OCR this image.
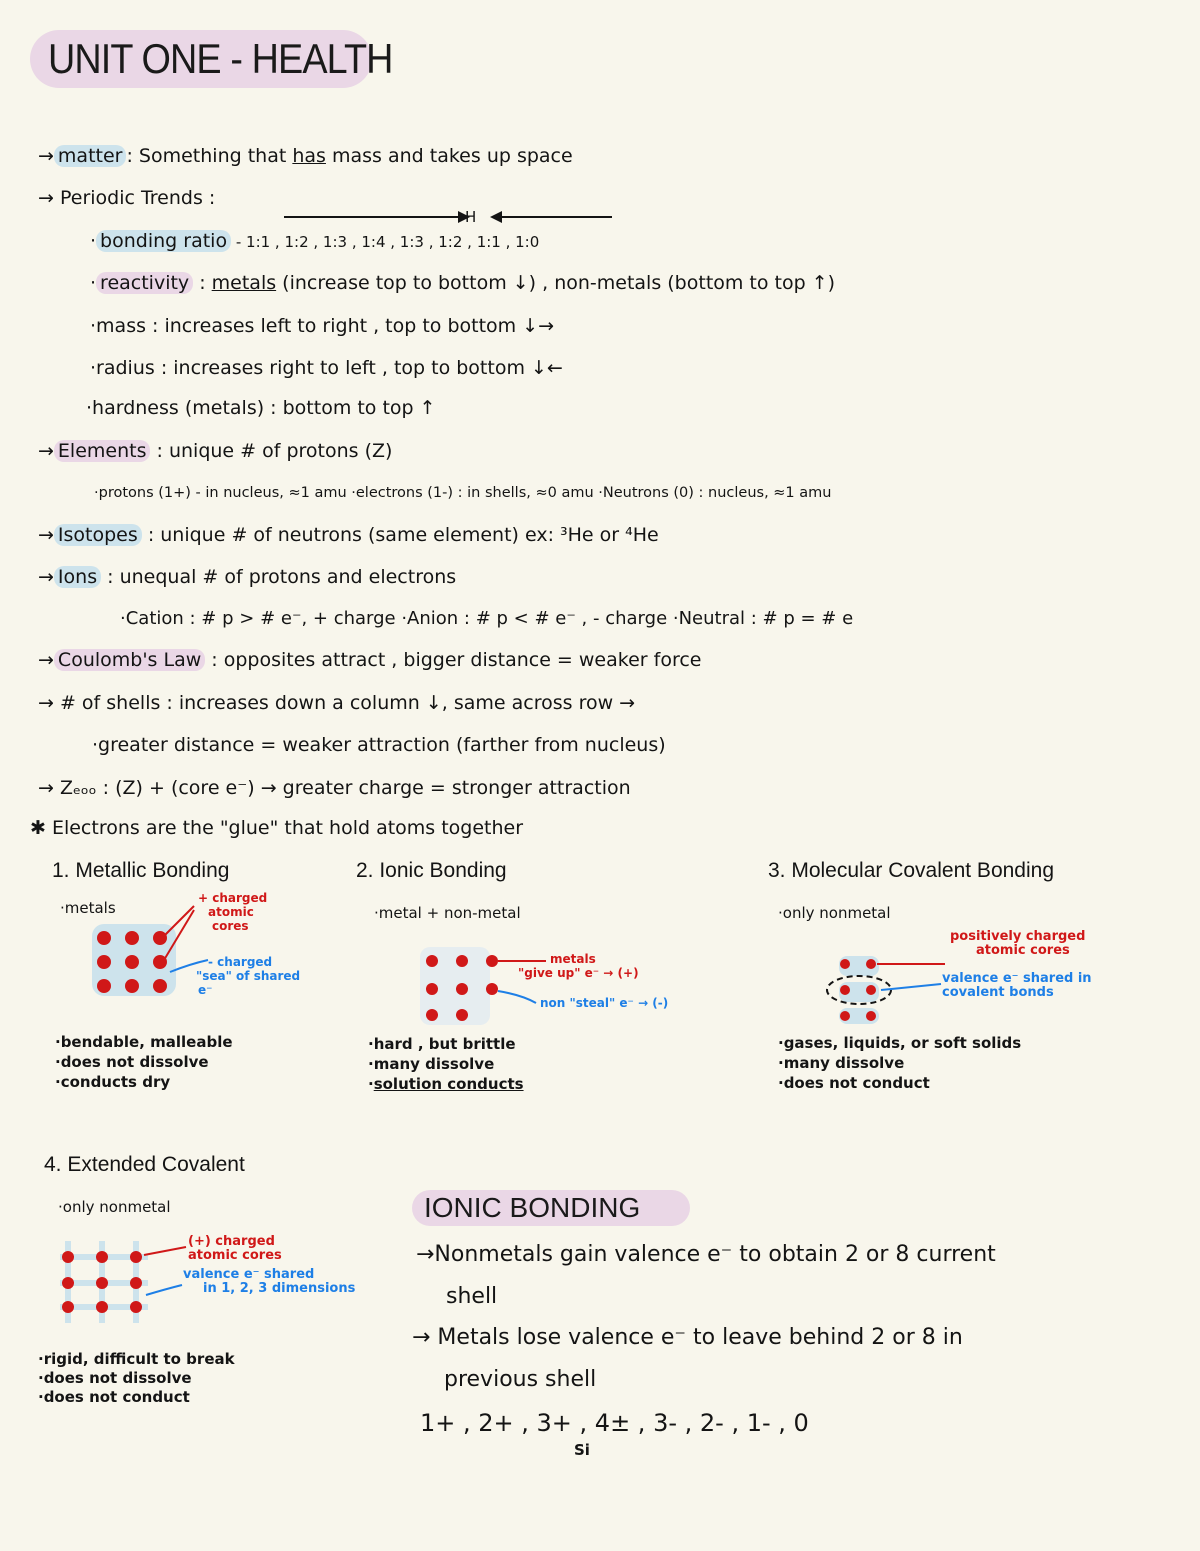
UNIT ONE - HEALTH
→ matter : Something that has mass and takes up space
→ Periodic Trends :
H
· bonding ratio - 1:1 , 1:2 , 1:3 , 1:4 , 1:3 , 1:2 , 1:1 , 1:0
· reactivity : metals (increase top to bottom ↓) , non-metals (bottom to top ↑)
·mass : increases left to right , top to bottom ↓→
·radius : increases right to left , top to bottom ↓←
·hardness (metals) : bottom to top ↑
→ Elements : unique # of protons (Z)
·protons (1+) - in nucleus, ≈1 amu ·electrons (1-) : in shells, ≈0 amu ·Neutrons (0) : nucleus, ≈1 amu
→ Isotopes : unique # of neutrons (same element) ex: ³He or ⁴He
→ Ions : unequal # of protons and electrons
·Cation : # p > # e⁻, + charge ·Anion : # p < # e⁻ , - charge ·Neutral : # p = # e
→ Coulomb's Law : opposites attract , bigger distance = weaker force
→ # of shells : increases down a column ↓, same across row →
·greater distance = weaker attraction (farther from nucleus)
→ Zₑₒₒ : (Z) + (core e⁻) → greater charge = stronger attraction
✱ Electrons are the "glue" that hold atoms together
1. Metallic Bonding
·metals
+ charged
atomic
cores
- charged
"sea" of shared
e⁻
·bendable, malleable
·does not dissolve
·conducts dry
2. Ionic Bonding
·metal + non-metal
metals
"give up" e⁻ → (+)
non "steal" e⁻ → (-)
·hard , but brittle
·many dissolve
·solution conducts
3. Molecular Covalent Bonding
·only nonmetal
positively charged
atomic cores
valence e⁻ shared in
covalent bonds
·gases, liquids, or soft solids
·many dissolve
·does not conduct
4. Extended Covalent
·only nonmetal
(+) charged
atomic cores
valence e⁻ shared
in 1, 2, 3 dimensions
·rigid, difficult to break
·does not dissolve
·does not conduct
IONIC BONDING
→Nonmetals gain valence e⁻ to obtain 2 or 8 current
shell
→ Metals lose valence e⁻ to leave behind 2 or 8 in
previous shell
1+ , 2+ , 3+ , 4± , 3- , 2- , 1- , 0
Si
